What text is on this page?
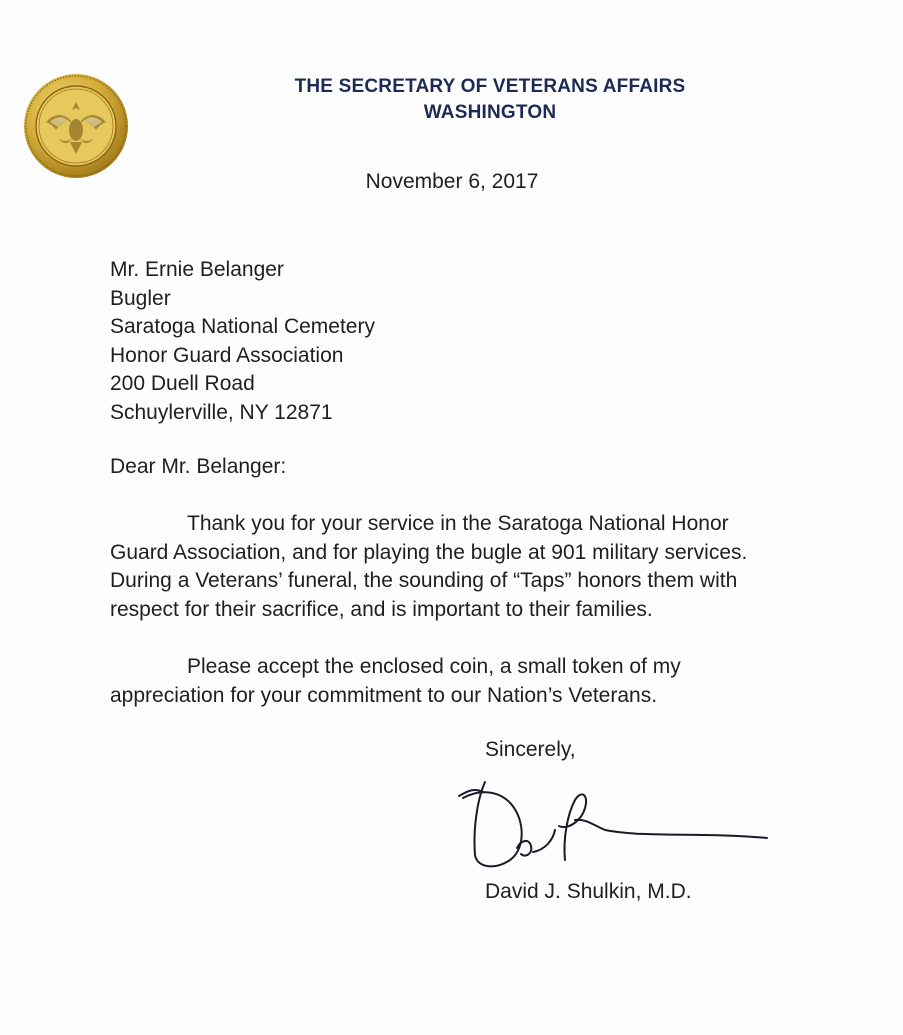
THE SECRETARY OF VETERANS AFFAIRS
WASHINGTON
November 6, 2017
Mr. Ernie Belanger
Bugler
Saratoga National Cemetery
Honor Guard Association
200 Duell Road
Schuylerville, NY 12871
Dear Mr. Belanger:
Thank you for your service in the Saratoga National Honor
Guard Association, and for playing the bugle at 901 military services.
During a Veterans’ funeral, the sounding of “Taps” honors them with
respect for their sacrifice, and is important to their families.
Please accept the enclosed coin, a small token of my
appreciation for your commitment to our Nation’s Veterans.
Sincerely,
David J. Shulkin, M.D.
